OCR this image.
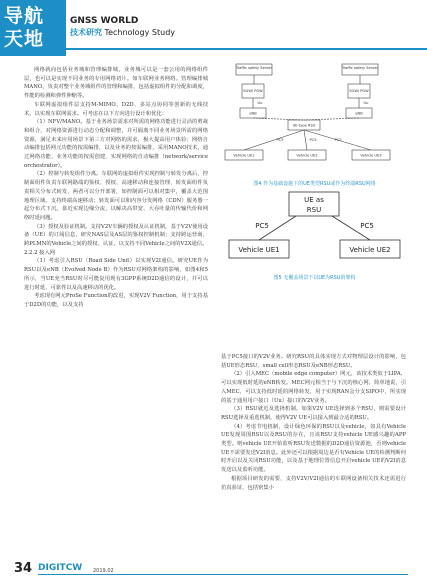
导航
天地
GNSS WORLD
技术研究 Technology Study

网络就向包括业务城和管理编排城，业务城可以是一套公用的网络组件层，也可以是实现不同业务的专用网络切片。如车联网业务网络。管理编排城MANO，负责对整个业务城组件的管理和编排，包括虚拟组件的分配和调度，性能的检测和弹性伸缩等。

车联网虚拟组件层支持M-MIMO、D2D、多站点协同等创新的无线技术，以实现车联网需求。可考虑在以下方向进行设计和优化：

（1）NFV/MANO。基于业务场景需求对所需的网络功能进行灵活的剪裁和组合，对网络资源进行动态分配和调整，并可隔离不同业务场景所需的网络资源，满足未来应用场景下第三方对网络的需求，极大提高用户体验；网络自动编排包括网元功能的按需编排，以及业务的按需编排，采用MANO技术，通过网络功能、业务功能的按需创建，实现网络的自动编排（network/service orchestrator）。

（2）控制与转发组件分离。车联网的虚拟组件实现控制与转发分离后，控制面组件负责车联网路端的鉴权、授权、高速移动和连接管理，转发面组件负责相关分布式转发，两者可以分开部署，如控制面可以相对集中，覆盖大范围地理区域，支持终端高速移动；转发面可以和内容分发网络（CDN）服务器一起分布式下沉，靠近实现边缘分流，以解决高带宽、大吞吐量的传输代价和网络时延问题。

（3）授权及验证机制。支持V2V车辆的授权及认证机制，基于V2V使用设备（UE）的订阅信息，研究NAS层及AS层的鉴权控制机制；支持跨运营商，跨PLMN的Vehicle之间的授权、认证，以支持不同Vehicle之间的V2X通信。

2.2.2 接入网

（1）考虑引入RSU（Road Side Unit）以实现V2I通信。研究UE作为RSU以及eNB（Evolved Node B）作为RSU对网络架构的影响，如图4和5所示，当UE充当RSU时尽可能复用现有3GPP系统D2D通信的设计，并可以进行时延、可靠性以及高速移动的优化。

考虑现有网元ProSe Function的改进，实现V2V Function，用于支持基于D2D的功能，以及支持

Traffic safety Server	Traffic safety Server
SGW/ PGW	SGW/ PGW
eNB	eNB
UE-type RSU
Uu	Uu
PC5	PC5	PC5
Vehicle UE1	Vehicle UE2	Vehicle UE3
图4 作为基础设施下的UE类型RSU或作为终端RSU网络
UE as
RSU
PC5	PC5
Vehicle UE1	Vehicle UE2
图5 无覆盖场景下以UE为RSU的架构

基于PC5接口的V2V业务。研究RSU的具体实现方式对物理层设计的影响，包括UE形态RSU，small cell形态RSU及eNB形态RSU。

（2）引入MEC（mobile edge computer）网元，该技术类似于LIPA，可以实现低时延的eNB转发。MEC网元相当于与下沉的核心网，简单地说，引入MEC，可以支持低时延的网络转发，用于实现RAN会分支SIPO中，所实现的基于通用用户接口（Uu）接口的V2V业务。

（3）RSU就近及选择机制。如果V2V UE选择到多个RSU，则需要设计RSU选择及重选机制，使得V2V UE可以接入到最合适的RSU。

（4）考虑节电机制，设计绿色环保的RSU以及vehicle，如具有Vehicle UE发现周围RSU以及RSU的存在，且该RSU支持vehicle UE感兴趣的APP类型。则vehicle UE开始监听RSU发送数据的D2D通信资源池，否则vehicle UE不需要发送V2I消息。此外还可以根据周边是否有Vehicle UE的检测判断何时开启以及关闭RSU功能，以及基于地理位置信息开启vehicle UE的V2I消息发送以及监听功能。

根据项目研发的需要，支持V2V/V2I通信的车联网设备相关技术还需进行仿真验证，包括密集小

34 DIGITCW 2019.02
